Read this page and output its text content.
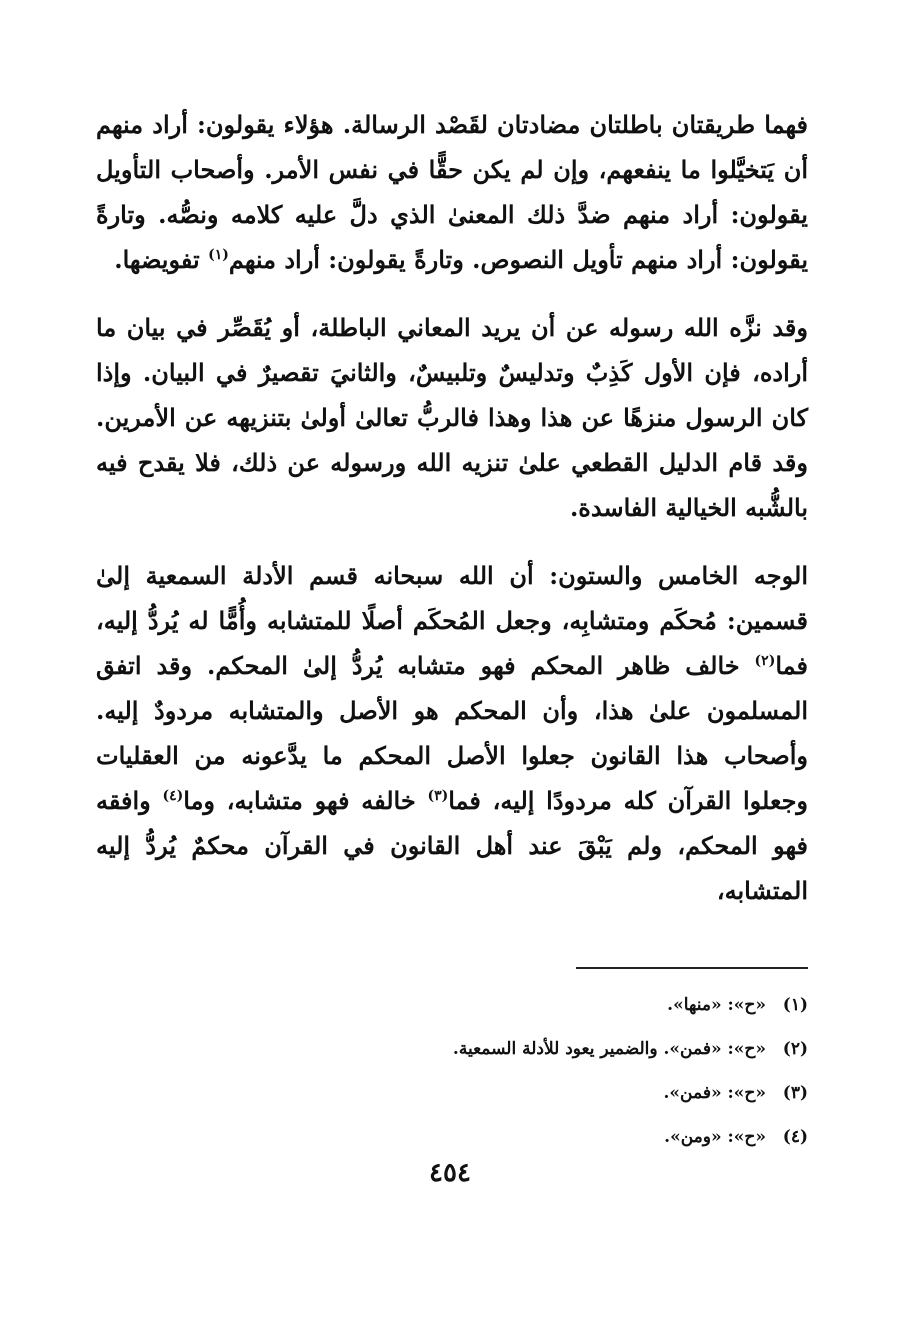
فهما طريقتان باطلتان مضادتان لقَصْد الرسالة. هؤلاء يقولون: أراد منهم أن يَتخيَّلوا ما ينفعهم، وإن لم يكن حقًّا في نفس الأمر. وأصحاب التأويل يقولون: أراد منهم ضدَّ ذلك المعنىٰ الذي دلَّ عليه كلامه ونصُّه. وتارةً يقولون: أراد منهم تأويل النصوص. وتارةً يقولون: أراد منهم$^{(١)}$ تفويضها.

وقد نزَّه الله رسوله عن أن يريد المعاني الباطلة، أو يُقَصِّر في بيان ما أراده، فإن الأول كَذِبٌ وتدليسٌ وتلبيسٌ، والثانيَ تقصيرٌ في البيان. وإذا كان الرسول منزهًا عن هذا وهذا فالربُّ تعالىٰ أولىٰ بتنزيهه عن الأمرين. وقد قام الدليل القطعي علىٰ تنزيه الله ورسوله عن ذلك، فلا يقدح فيه بالشُّبه الخيالية الفاسدة.

الوجه الخامس والستون: أن الله سبحانه قسم الأدلة السمعية إلىٰ قسمين: مُحكَم ومتشابِه، وجعل المُحكَم أصلًا للمتشابه وأُمًّا له يُردُّ إليه، فما$^{(٢)}$ خالف ظاهر المحكم فهو متشابه يُردُّ إلىٰ المحكم. وقد اتفق المسلمون علىٰ هذا، وأن المحكم هو الأصل والمتشابه مردودٌ إليه. وأصحاب هذا القانون جعلوا الأصل المحكم ما يدَّعونه من العقليات وجعلوا القرآن كله مردودًا إليه، فما$^{(٣)}$ خالفه فهو متشابه، وما$^{(٤)}$ وافقه فهو المحكم، ولم يَبْقَ عند أهل القانون في القرآن محكمٌ يُردُّ إليه المتشابه،

(١)«ح»: «منها».
(٢)«ح»: «فمن». والضمير يعود للأدلة السمعية.
(٣)«ح»: «فمن».
(٤)«ح»: «ومن».
٤٥٤
